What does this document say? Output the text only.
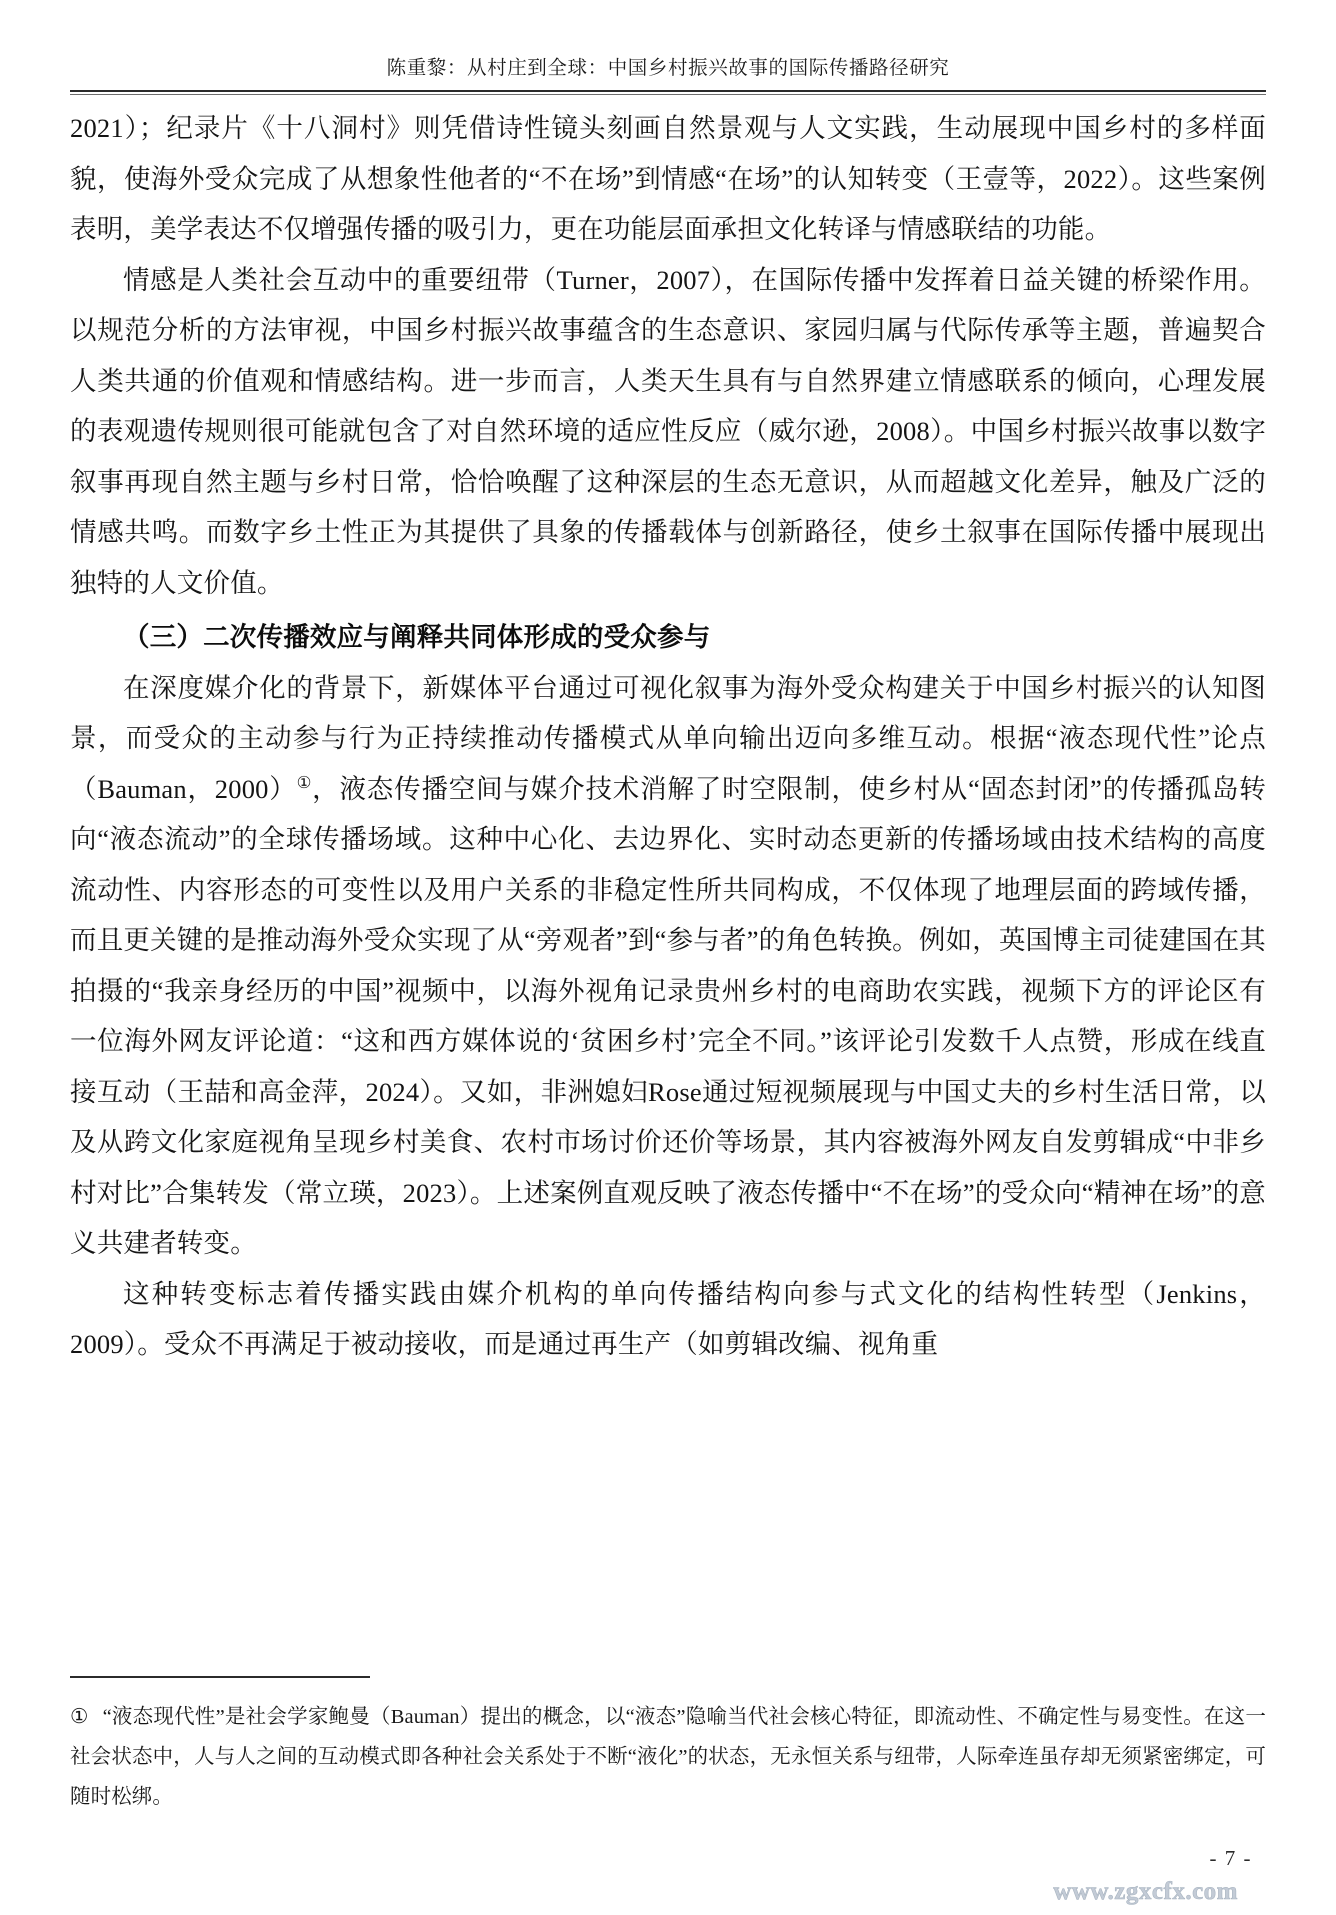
陈重黎：从村庄到全球：中国乡村振兴故事的国际传播路径研究

2021）；纪录片《十八洞村》则凭借诗性镜头刻画自然景观与人文实践，生动展现中国乡村的多样面貌，使海外受众完成了从想象性他者的“不在场”到情感“在场”的认知转变（王壹等，2022）。这些案例表明，美学表达不仅增强传播的吸引力，更在功能层面承担文化转译与情感联结的功能。

情感是人类社会互动中的重要纽带（Turner，2007），在国际传播中发挥着日益关键的桥梁作用。以规范分析的方法审视，中国乡村振兴故事蕴含的生态意识、家园归属与代际传承等主题，普遍契合人类共通的价值观和情感结构。进一步而言，人类天生具有与自然界建立情感联系的倾向，心理发展的表观遗传规则很可能就包含了对自然环境的适应性反应（威尔逊，2008）。中国乡村振兴故事以数字叙事再现自然主题与乡村日常，恰恰唤醒了这种深层的生态无意识，从而超越文化差异，触及广泛的情感共鸣。而数字乡土性正为其提供了具象的传播载体与创新路径，使乡土叙事在国际传播中展现出独特的人文价值。

（三）二次传播效应与阐释共同体形成的受众参与

在深度媒介化的背景下，新媒体平台通过可视化叙事为海外受众构建关于中国乡村振兴的认知图景，而受众的主动参与行为正持续推动传播模式从单向输出迈向多维互动。根据“液态现代性”论点（Bauman，2000）①，液态传播空间与媒介技术消解了时空限制，使乡村从“固态封闭”的传播孤岛转向“液态流动”的全球传播场域。这种中心化、去边界化、实时动态更新的传播场域由技术结构的高度流动性、内容形态的可变性以及用户关系的非稳定性所共同构成，不仅体现了地理层面的跨域传播，而且更关键的是推动海外受众实现了从“旁观者”到“参与者”的角色转换。例如，英国博主司徒建国在其拍摄的“我亲身经历的中国”视频中，以海外视角记录贵州乡村的电商助农实践，视频下方的评论区有一位海外网友评论道：“这和西方媒体说的‘贫困乡村’完全不同。”该评论引发数千人点赞，形成在线直接互动（王喆和高金萍，2024）。又如，非洲媳妇Rose通过短视频展现与中国丈夫的乡村生活日常，以及从跨文化家庭视角呈现乡村美食、农村市场讨价还价等场景，其内容被海外网友自发剪辑成“中非乡村对比”合集转发（常立瑛，2023）。上述案例直观反映了液态传播中“不在场”的受众向“精神在场”的意义共建者转变。

这种转变标志着传播实践由媒介机构的单向传播结构向参与式文化的结构性转型（Jenkins，2009）。受众不再满足于被动接收，而是通过再生产（如剪辑改编、视角重

① “液态现代性”是社会学家鲍曼（Bauman）提出的概念，以“液态”隐喻当代社会核心特征，即流动性、不确定性与易变性。在这一社会状态中，人与人之间的互动模式即各种社会关系处于不断“液化”的状态，无永恒关系与纽带，人际牵连虽存却无须紧密绑定，可随时松绑。

- 7 -
www.zgxcfx.com
